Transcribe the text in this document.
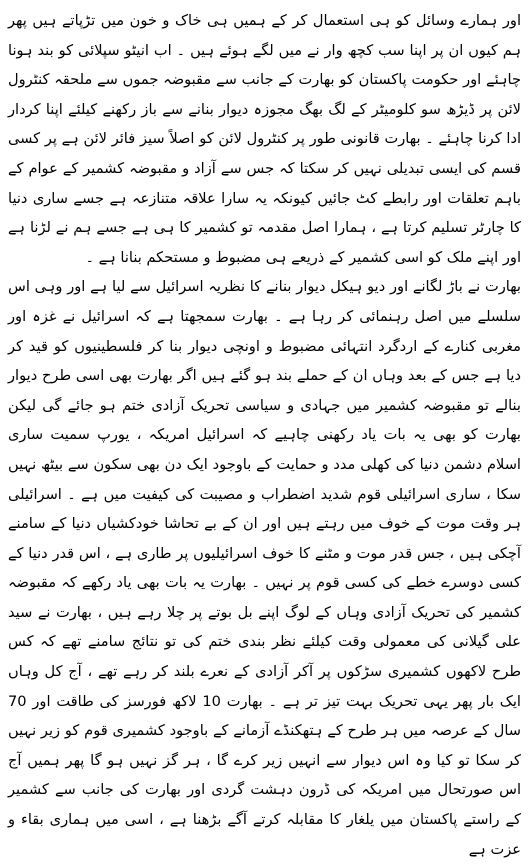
اور ہمارے وسائل کو ہی استعمال کر کے ہمیں ہی خاک و خون میں تڑپاتے ہیں پھر ہم کیوں ان پر اپنا سب کچھ وار نے میں لگے ہوئے ہیں ۔ اب انیٹو سپلائی کو بند ہونا چاہئے اور حکومت پاکستان کو بھارت کے جانب سے مقبوضہ جموں سے ملحقہ کنٹرول لائن پر ڈیڑھ سو کلومیٹر کے لگ بھگ مجوزہ دیوار بنانے سے باز رکھنے کیلئے اپنا کردار ادا کرنا چاہئے ۔ بھارت قانونی طور پر کنٹرول لائن کو اصلاً سیز فائر لائن ہے پر کسی قسم کی ایسی تبدیلی نہیں کر سکتا کہ جس سے آزاد و مقبوضہ کشمیر کے عوام کے باہم تعلقات اور رابطے کٹ جائیں کیونکہ یہ سارا علاقہ متنازعہ ہے جسے ساری دنیا کا چارٹر تسلیم کرتا ہے ، ہمارا اصل مقدمہ تو کشمیر کا ہی ہے جسے ہم نے لڑنا ہے اور اپنے ملک کو اسی کشمیر کے ذریعے ہی مضبوط و مستحکم بنانا ہے ۔

بھارت نے باڑ لگانے اور دیو ہیکل دیوار بنانے کا نظریہ اسرائیل سے لیا ہے اور وہی اس سلسلے میں اصل رہنمائی کر رہا ہے ۔ بھارت سمجھتا ہے کہ اسرائیل نے غزہ اور مغربی کنارے کے اردگرد انتہائی مضبوط و اونچی دیوار بنا کر فلسطینیوں کو قید کر دیا ہے جس کے بعد وہاں ان کے حملے بند ہو گئے ہیں اگر بھارت بھی اسی طرح دیوار بنالے تو مقبوضہ کشمیر میں جہادی و سیاسی تحریک آزادی ختم ہو جائے گی لیکن بھارت کو بھی یہ بات یاد رکھنی چاہیے کہ اسرائیل امریکہ ، یورپ سمیت ساری اسلام دشمن دنیا کی کھلی مدد و حمایت کے باوجود ایک دن بھی سکون سے بیٹھ نہیں سکا ، ساری اسرائیلی قوم شدید اضطراب و مصیبت کی کیفیت میں ہے ۔ اسرائیلی ہر وقت موت کے خوف میں رہتے ہیں اور ان کے بے تحاشا خودکشیاں دنیا کے سامنے آچکی ہیں ، جس قدر موت و مٹنے کا خوف اسرائیلیوں پر طاری ہے ، اس قدر دنیا کے کسی دوسرے خطے کی کسی قوم پر نہیں ۔ بھارت یہ بات بھی یاد رکھے کہ مقبوضہ کشمیر کی تحریک آزادی وہاں کے لوگ اپنے بل بوتے پر چلا رہے ہیں ، بھارت نے سید علی گیلانی کی معمولی وقت کیلئے نظر بندی ختم کی تو نتائج سامنے تھے کہ کس طرح لاکھوں کشمیری سڑکوں پر آکر آزادی کے نعرے بلند کر رہے تھے ، آج کل وہاں ایک بار پھر یہی تحریک بہت تیز تر ہے ۔ بھارت 10 لاکھ فورسز کی طاقت اور 70 سال کے عرصہ میں ہر طرح کے ہتھکنڈے آزمانے کے باوجود کشمیری قوم کو زیر نہیں کر سکا تو کیا وہ اس دیوار سے انہیں زیر کرے گا ، ہر گز نہیں ہو گا پھر ہمیں آج اس صورتحال میں امریکہ کی ڈرون دہشت گردی اور بھارت کی جانب سے کشمیر کے راستے پاکستان میں یلغار کا مقابلہ کرتے آگے بڑھنا ہے ، اسی میں ہماری بقاء و عزت ہے
